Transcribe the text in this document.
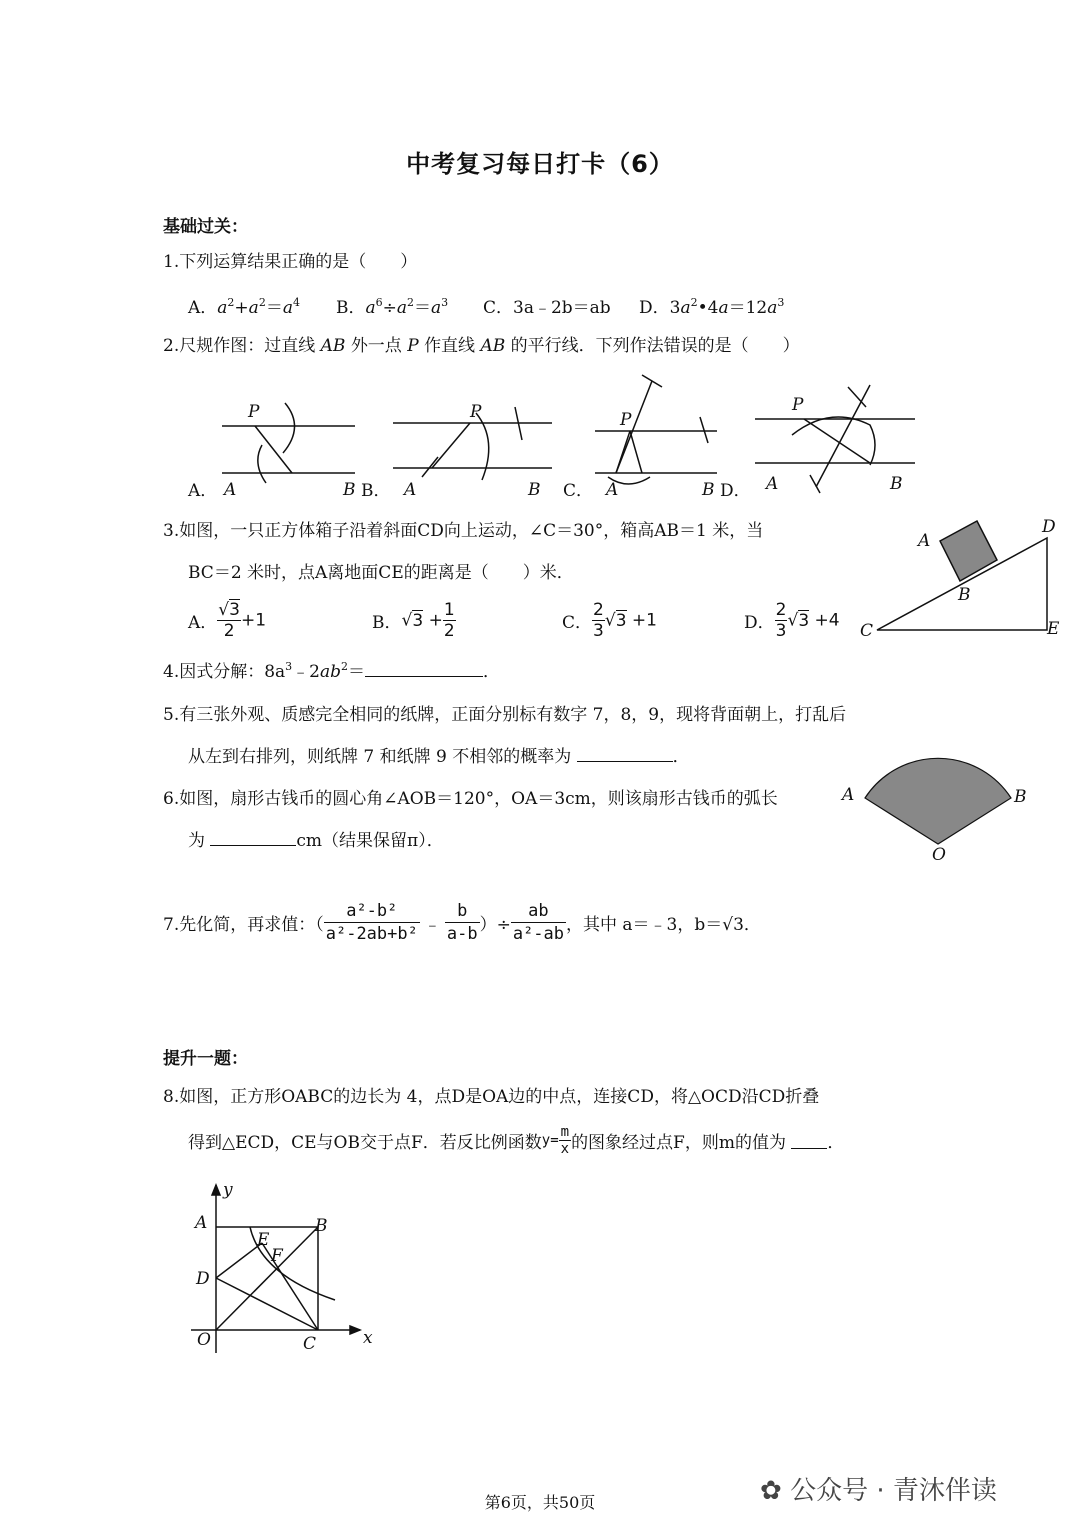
中考复习每日打卡（6）
基础过关：
1.下列运算结果正确的是（　　）
A．$a^2+a^2=a^4$ B．$a^6\div a^2=a^3$ C．3a﹣2b＝ab D．$3a^2•4a=12a^3$
2.尺规作图：过直线 AB 外一点 P 作直线 AB 的平行线．下列作法错误的是（　　）
P
A	B
A．
P
A	B
B．
P
A	B
C．
P
A	B
D．
3.如图，一只正方体箱子沿着斜面CD向上运动，∠C＝30°，箱高AB＝1 米，当
BC＝2 米时，点A离地面CE的距离是（　　）米．
A． $\frac{√3}{2} +1$	B．$√3 + \frac{1}{2}$	C． $\frac{2}{3} √3 +1$	D． $\frac{2}{3} √3 +4$
A
B
C
D
E
4.因式分解：$8a^3﹣2ab^2=$	．
5.有三张外观、质感完全相同的纸牌，正面分别标有数字 7，8，9，现将背面朝上，打乱后
从左到右排列，则纸牌 7 和纸牌 9 不相邻的概率为	．
6.如图，扇形古钱币的圆心角∠AOB＝120°，OA＝3cm，则该扇形古钱币的弧长
为	cm（结果保留π）．
A	B
O
7.先化简，再求值：（ $\frac{\text{a²-b²}}{\text{a²-2ab+b²}}$ ﹣ $\frac{b}{a-b}$ ）÷ $\frac{ab}{\text{a²-ab}}$ ，其中 a＝﹣3，b＝√3．
提升一题：
8.如图，正方形OABC的边长为 4，点D是OA边的中点，连接CD，将△OCD沿CD折叠
得到△ECD，CE与OB交于点F．若反比例函数$y= \frac{m}{x}$ 的图象经过点F，则m的值为 ．
A	B
C
D
E
F
O	x
y
第6页，共50页	✿ 公众号 · 青沐伴读
